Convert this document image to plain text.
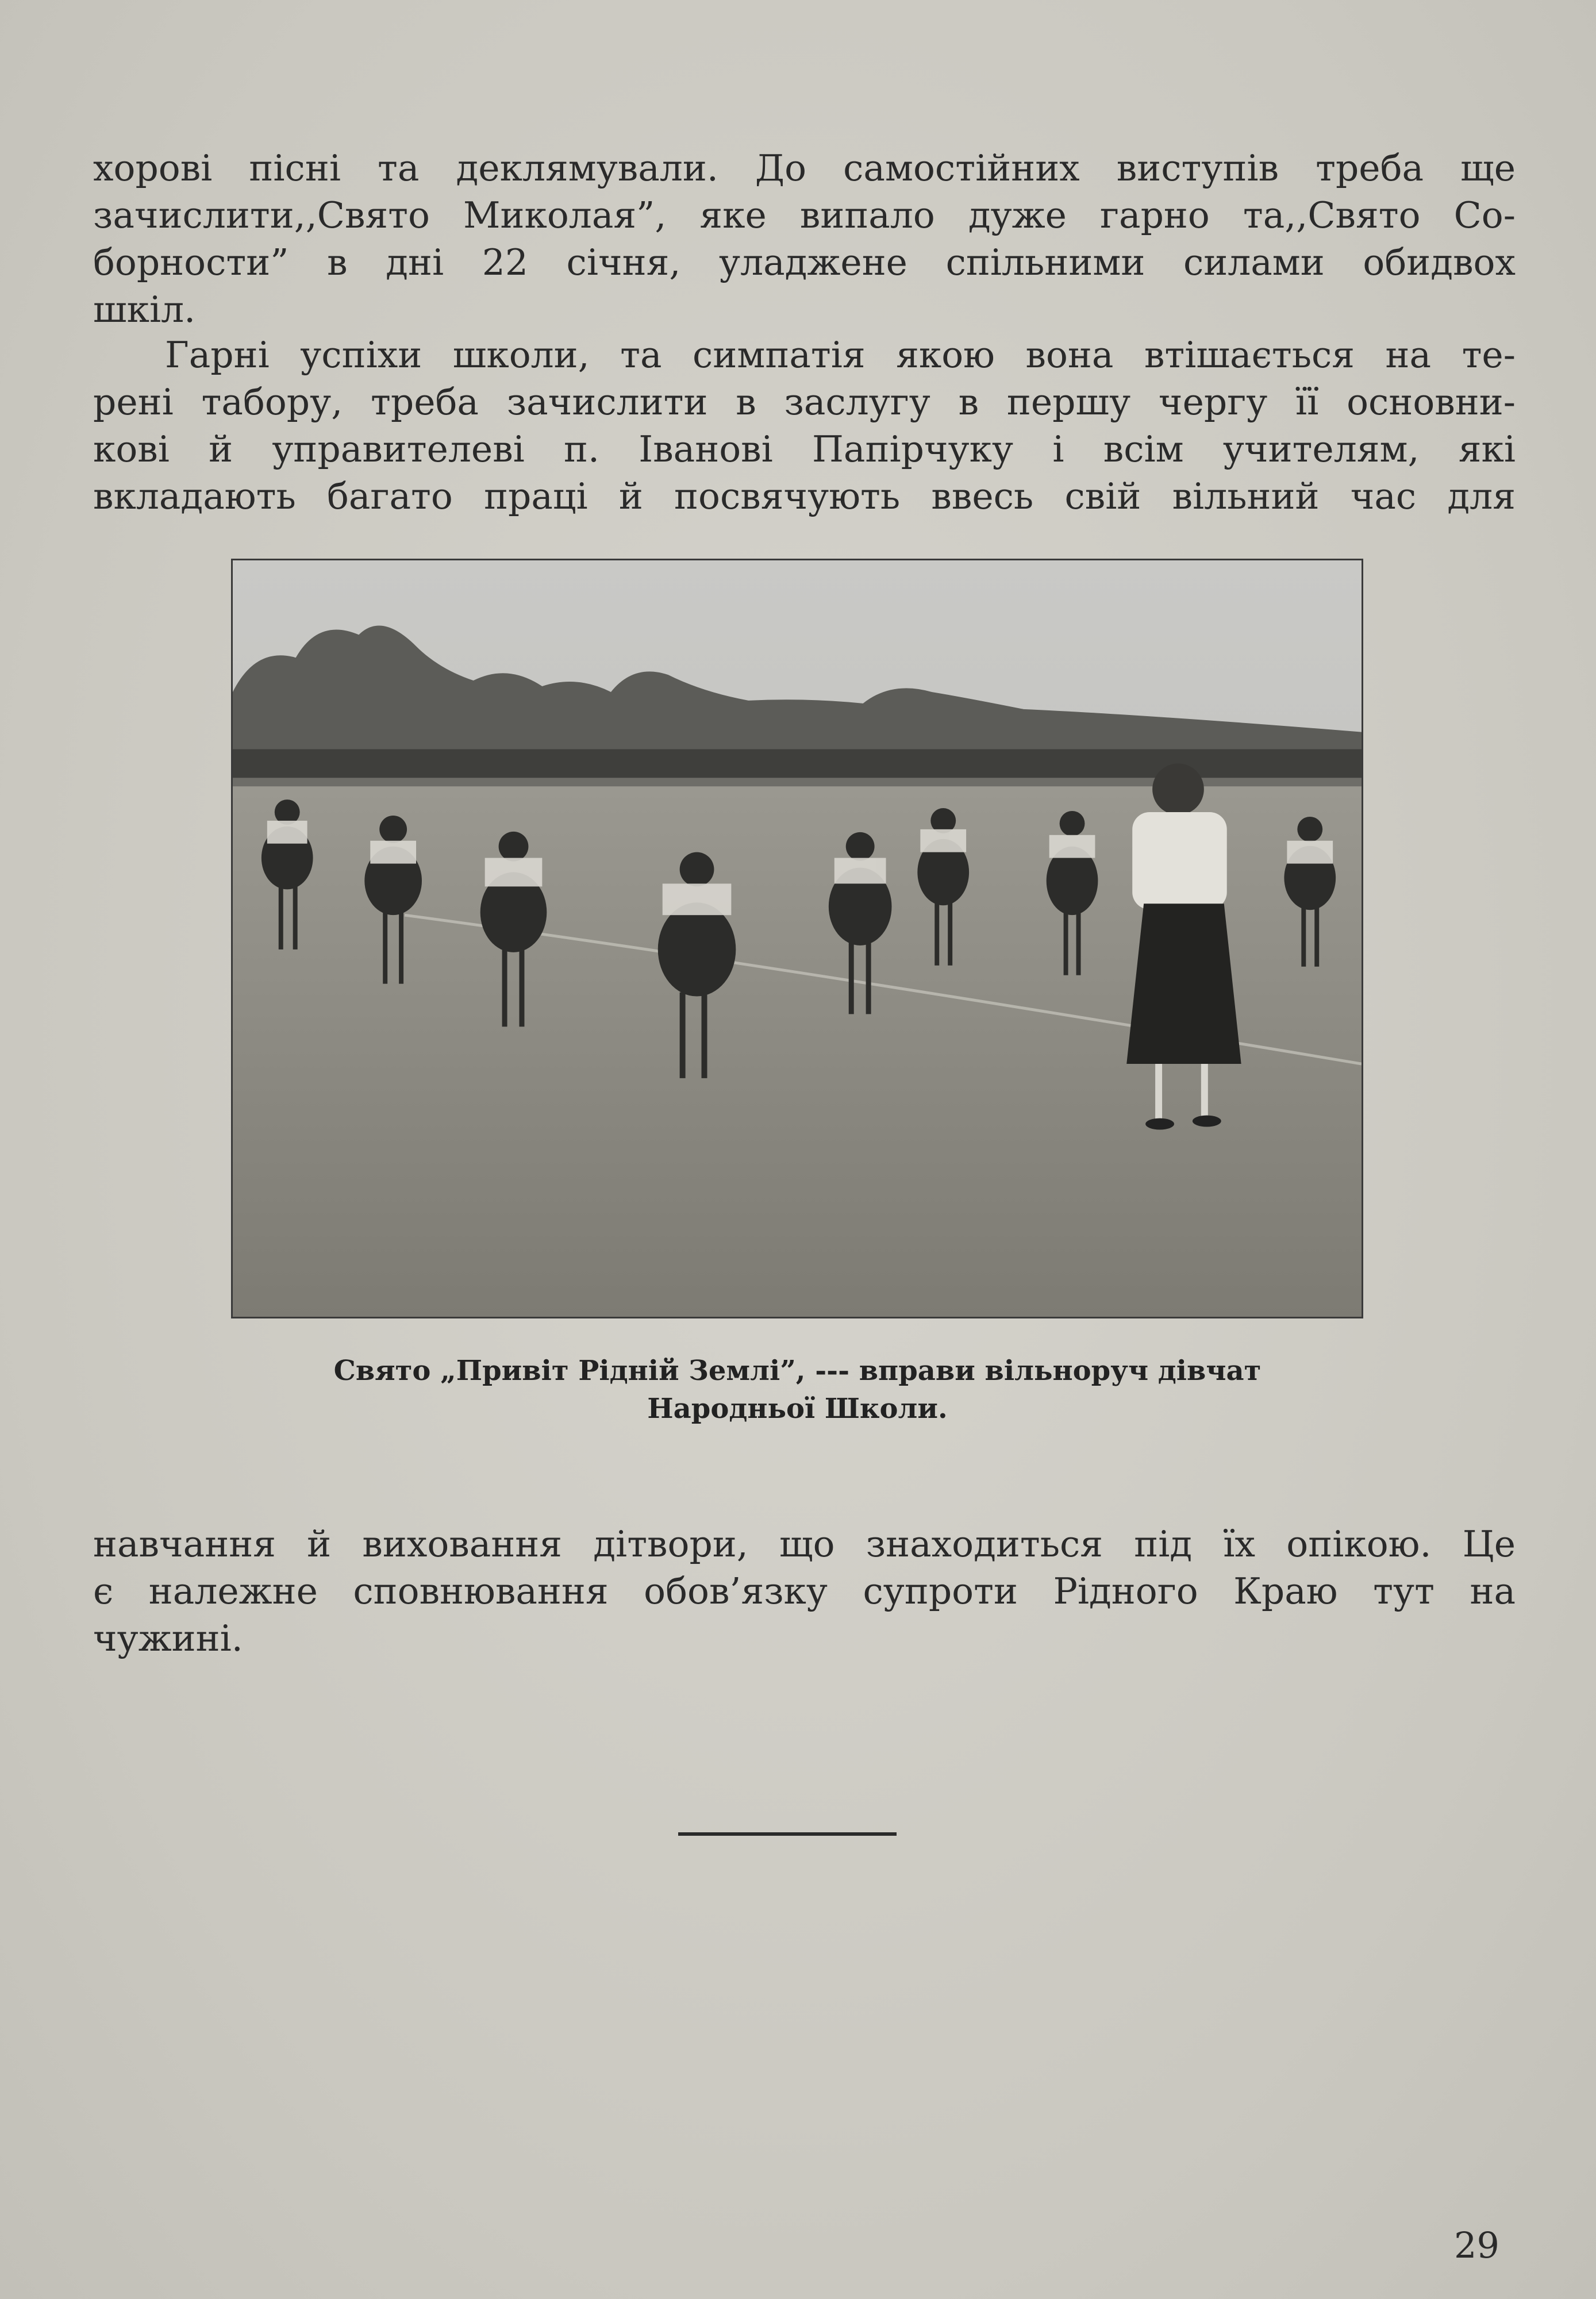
хорові пісні та деклямували. До самостійних виступів треба ще
зачислити,,Свято Миколая”, яке випало дуже гарно та,,Свято Со-
борности” в дні 22 січня, уладжене спільними силами обидвох
шкіл.
Гарні успіхи школи, та симпатія якою вона втішається на те-
рені табору, треба зачислити в заслугу в першу чергу її основни-
кові й управителеві п. Іванові Папірчуку і всім учителям, які
вкладають багато праці й посвячують ввесь свій вільний час для
Свято „Привіт Рідній Землі”, --- вправи вільноруч дівчат
Народньої Школи.
навчання й виховання дітвори, що знаходиться під їх опікою. Це
є належне сповнювання обов’язку супроти Рідного Краю тут на
чужині.
29
